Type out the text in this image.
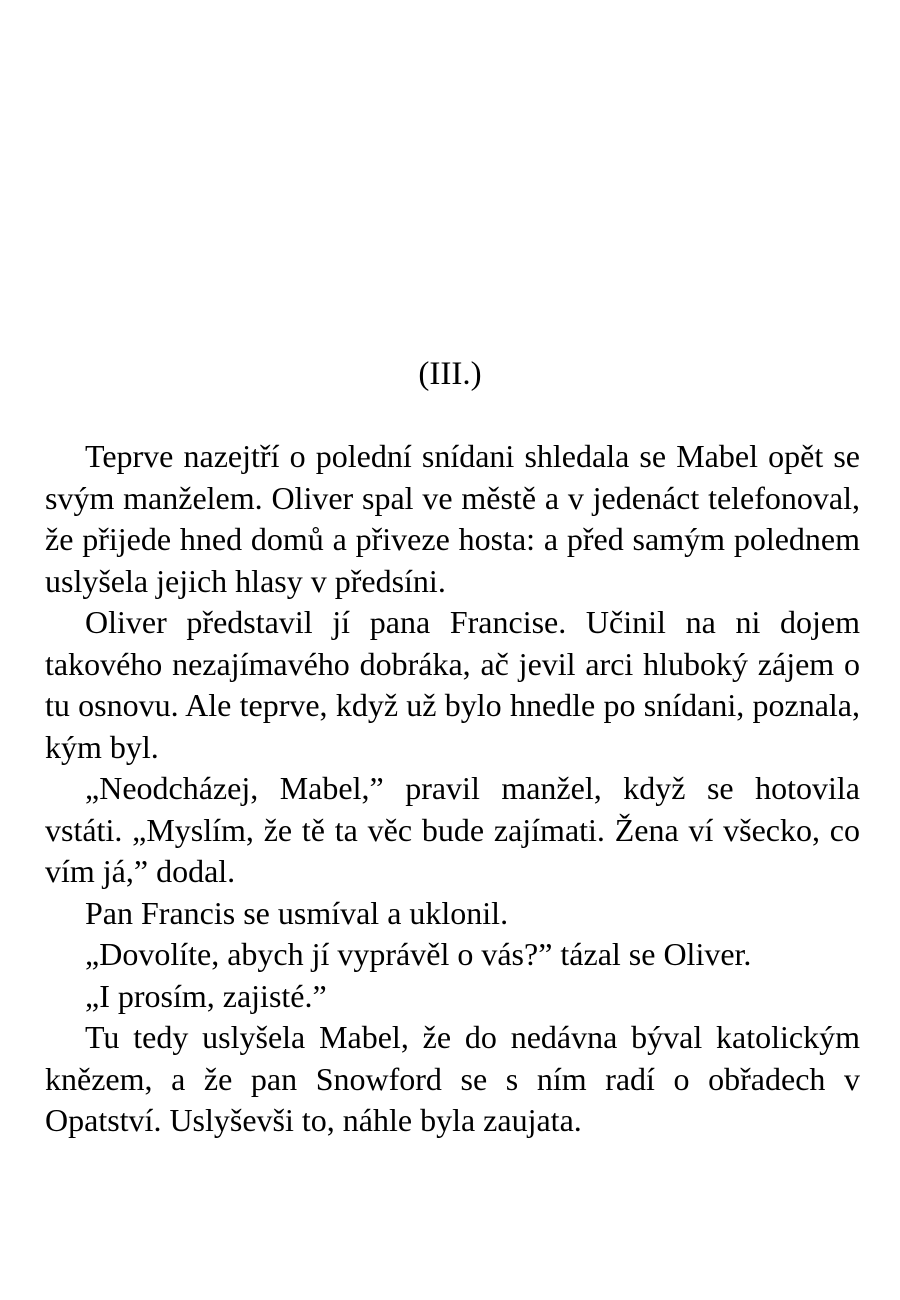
(III.)

Teprve nazejtří o polední snídani shledala se Mabel opět se svým manželem. Oliver spal ve městě a v jedenáct telefonoval, že přijede hned domů a přiveze hosta: a před samým polednem uslyšela jejich hlasy v předsíni.

Oliver představil jí pana Francise. Učinil na ni dojem takového nezajímavého dobráka, ač jevil arci hluboký zájem o tu osnovu. Ale teprve, když už bylo hnedle po snídani, poznala, kým byl.

„Neodcházej, Mabel,” pravil manžel, když se hotovila vstáti. „Myslím, že tě ta věc bude zajímati. Žena ví všecko, co vím já,” dodal.

Pan Francis se usmíval a uklonil.

„Dovolíte, abych jí vyprávěl o vás?” tázal se Oliver.

„I prosím, zajisté.”

Tu tedy uslyšela Mabel, že do nedávna býval katolickým knězem, a že pan Snowford se s ním radí o obřadech v Opatství. Uslyševši to, náhle byla zaujata.
